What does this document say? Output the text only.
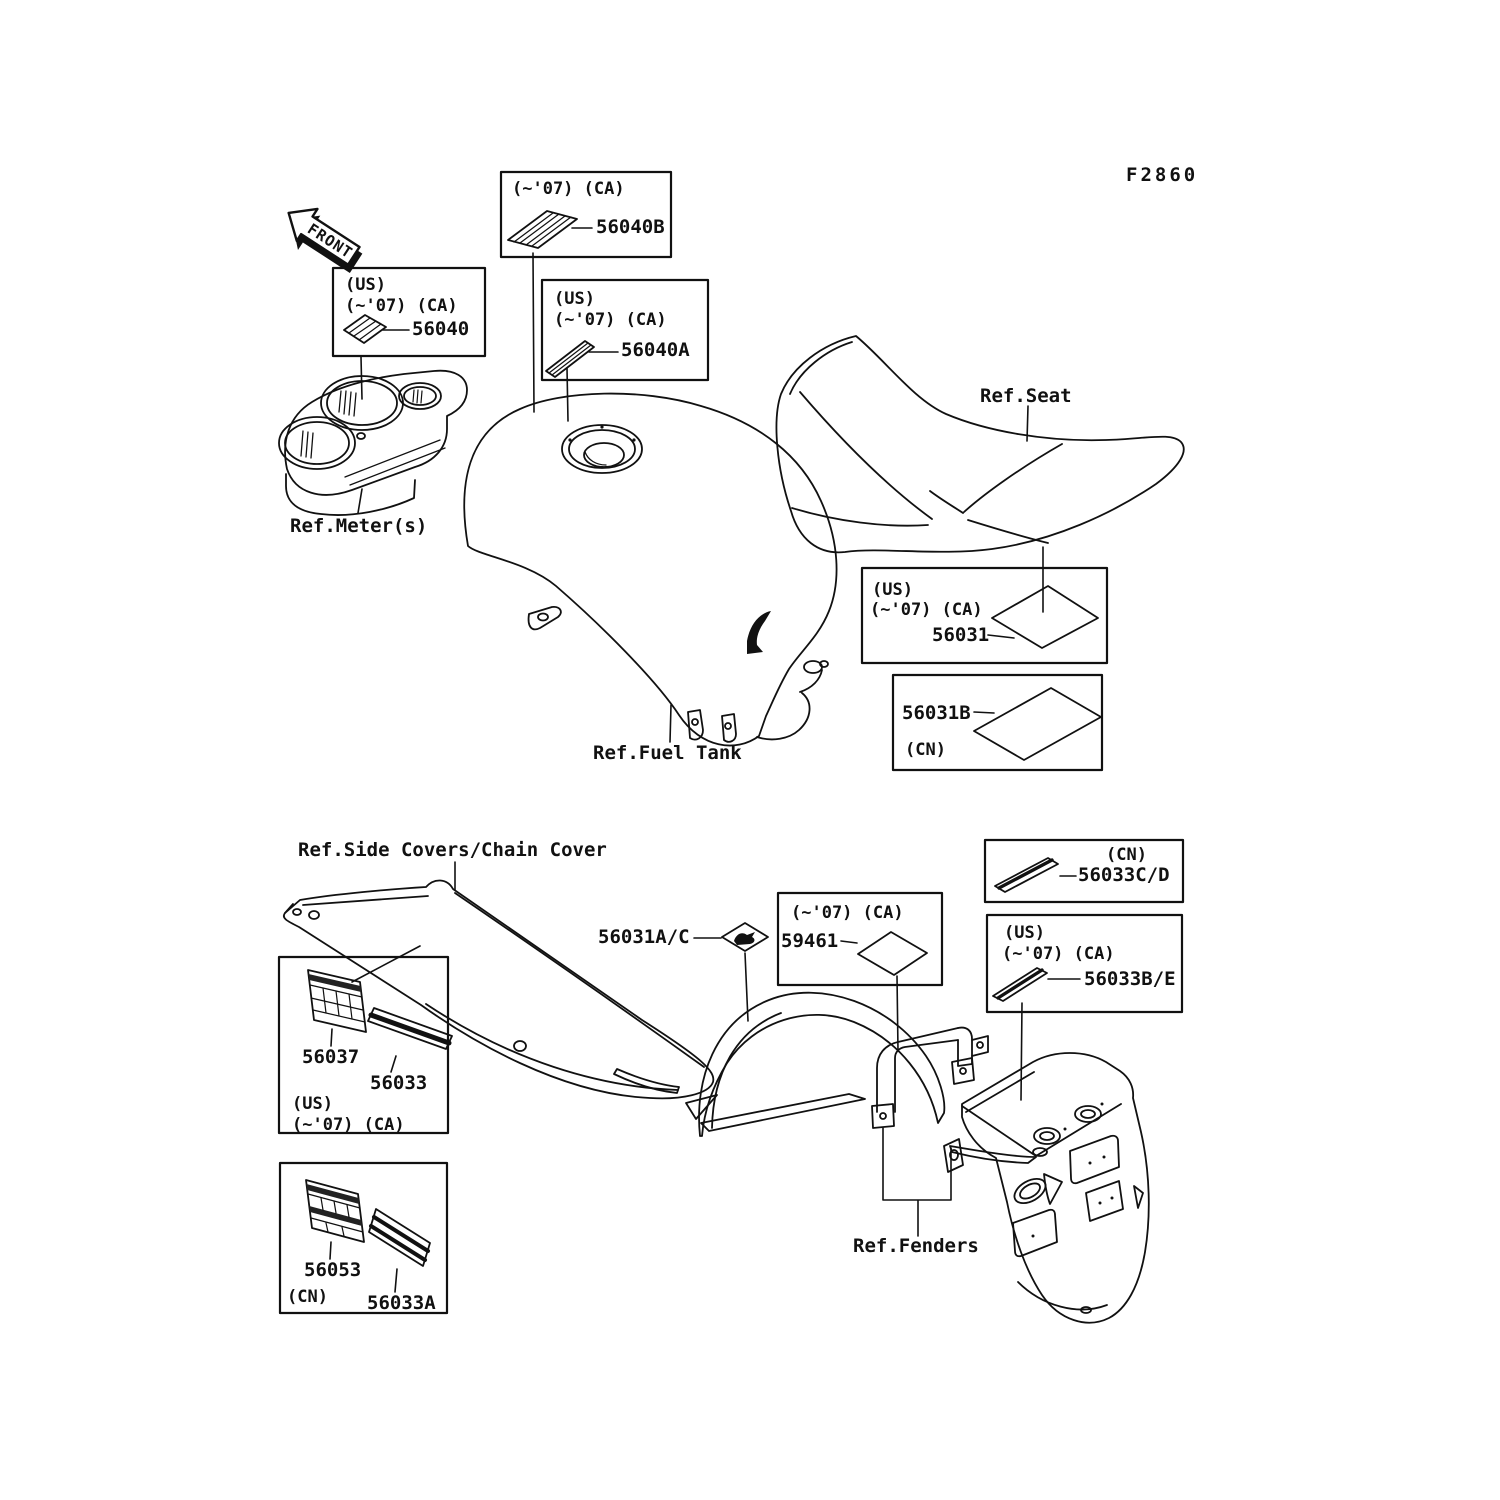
FRONT
F2860
Ref.Meter(s)
Ref.Fuel Tank
Ref.Seat
Ref.Side Covers/Chain Cover
Ref.Fenders
(~'07) (CA)
56040B
(US)
(~'07) (CA)
56040
(US)
(~'07) (CA)
56040A
(US)
(~'07) (CA)
56031
56031B
(CN)
(~'07) (CA)
59461
(CN)
56033C/D
(US)
(~'07) (CA)
56033B/E
56031A/C
56037
56033
(US)
(~'07) (CA)
56053
(CN) 56033A
